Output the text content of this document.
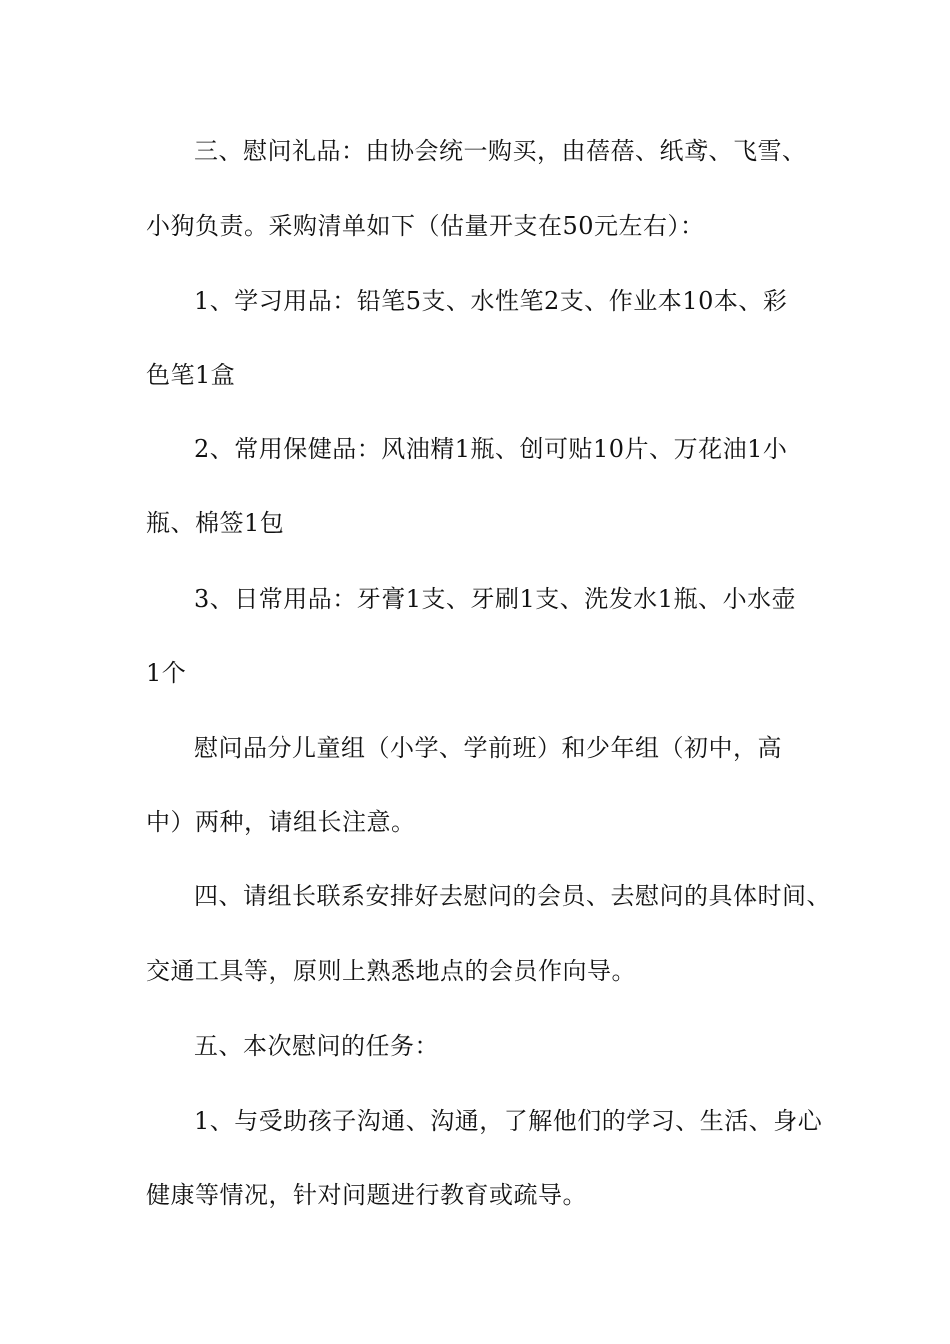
三、慰问礼品：由协会统一购买，由蓓蓓、纸鸢、飞雪、
小狗负责。采购清单如下（估量开支在50元左右）：
1、学习用品：铅笔5支、水性笔2支、作业本10本、彩
色笔1盒
2、常用保健品：风油精1瓶、创可贴10片、万花油1小
瓶、棉签1包
3、日常用品：牙膏1支、牙刷1支、洗发水1瓶、小水壶
1个
慰问品分儿童组（小学、学前班）和少年组（初中，高
中）两种，请组长注意。
四、请组长联系安排好去慰问的会员、去慰问的具体时间、
交通工具等，原则上熟悉地点的会员作向导。
五、本次慰问的任务：
1、与受助孩子沟通、沟通，了解他们的学习、生活、身心
健康等情况，针对问题进行教育或疏导。
